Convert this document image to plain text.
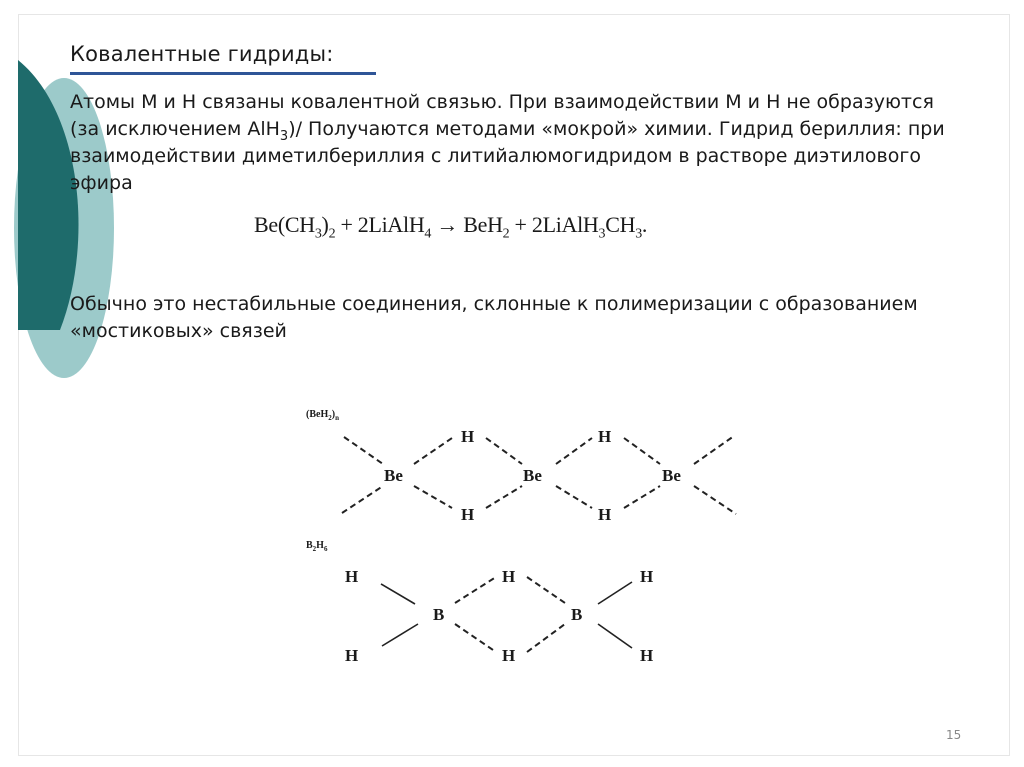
Ковалентные гидриды:
Атомы М и Н связаны ковалентной связью. При взаимодействии М и Н не образуются (за исключением AlH$_3$)/ Получаются методами «мокрой» химии. Гидрид бериллия: при взаимодействии диметилбериллия с литийалюмогидридом в растворе диэтилового эфира
$Be(CH_3)_2$ + 2LiAlH$_4$ → $BeH_2 + 2LiAlH_3CH_3$.
Обычно это нестабильные соединения, склонные к полимеризации с образованием «мостиковых» связей
$(BeH_2)_n$
Be	Be	Be
H
H
H
H
$B_2H_6$
H
H
B	B
H
H
H
H
15
